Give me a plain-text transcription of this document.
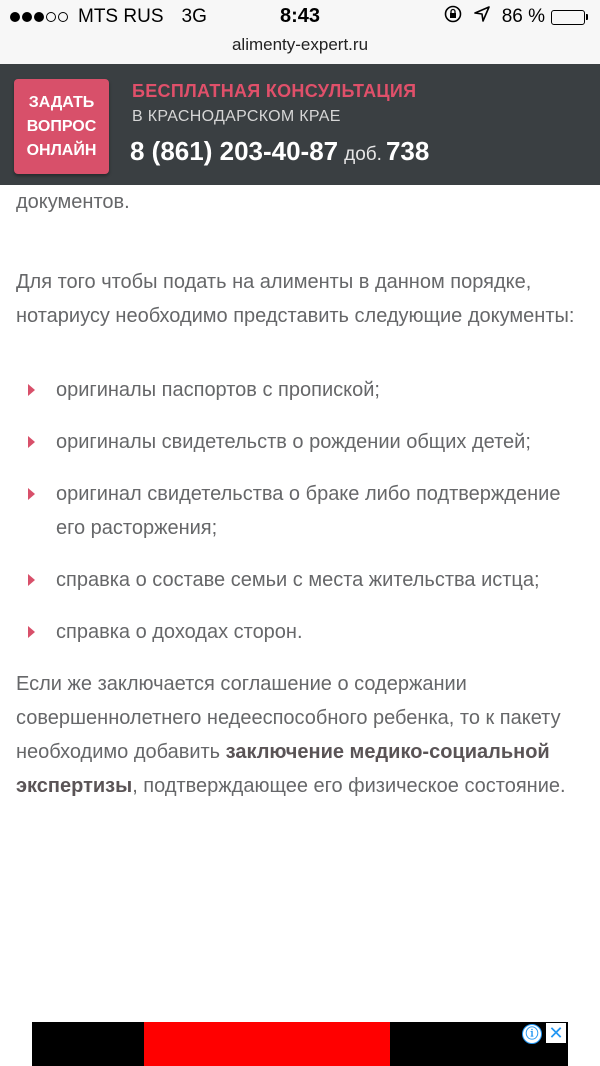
MTS RUS 3G	8:43	86 %
alimenty-expert.ru
ЗАДАТЬ
ВОПРОС
ОНЛАЙН
БЕСПЛАТНАЯ КОНСУЛЬТАЦИЯ
В КРАСНОДАРСКОМ КРАЕ
8 (861) 203-40-87 доб. 738

документов.

Для того чтобы подать на алименты в данном порядке, нотариусу необходимо представить следующие документы:

оригиналы паспортов с пропиской;
оригиналы свидетельств о рождении общих детей;
оригинал свидетельства о браке либо подтверждение его расторжения;
справка о составе семьи с места жительства истца;
справка о доходах сторон.

Если же заключается соглашение о содержании совершеннолетнего недееспособного ребенка, то к пакету необходимо добавить заключение медико-социальной экспертизы, подтверждающее его физическое состояние.

ⓘ ✕
